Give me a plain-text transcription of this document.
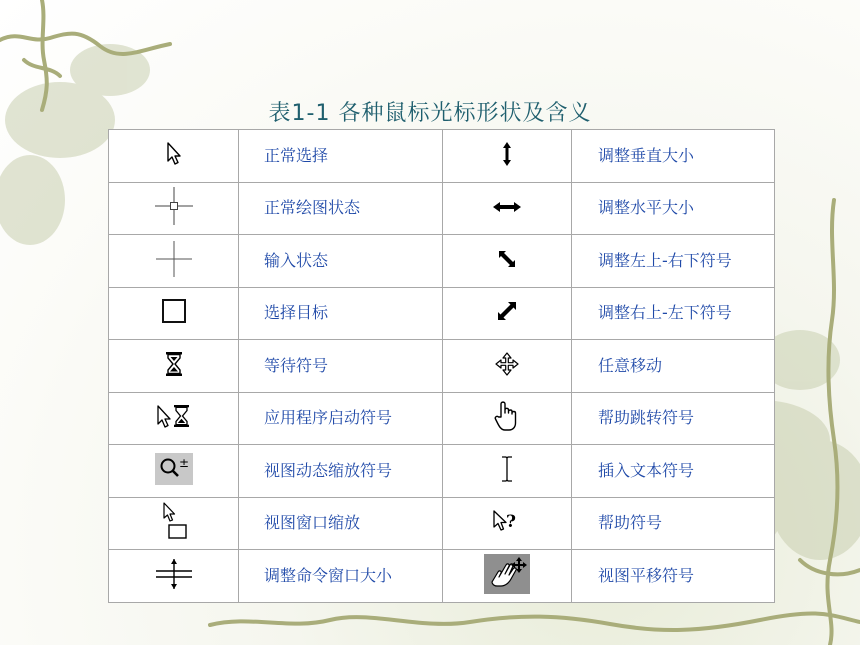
表1-1 各种鼠标光标形状及含义
	正常选择		调整垂直大小
	正常绘图状态		调整水平大小
	输入状态		调整左上-右下符号
	选择目标		调整右上-左下符号
	等待符号		任意移动
	应用程序启动符号		帮助跳转符号

±	视图动态缩放符号		插入文本符号
	视图窗口缩放	?	帮助符号
	调整命令窗口大小		视图平移符号
